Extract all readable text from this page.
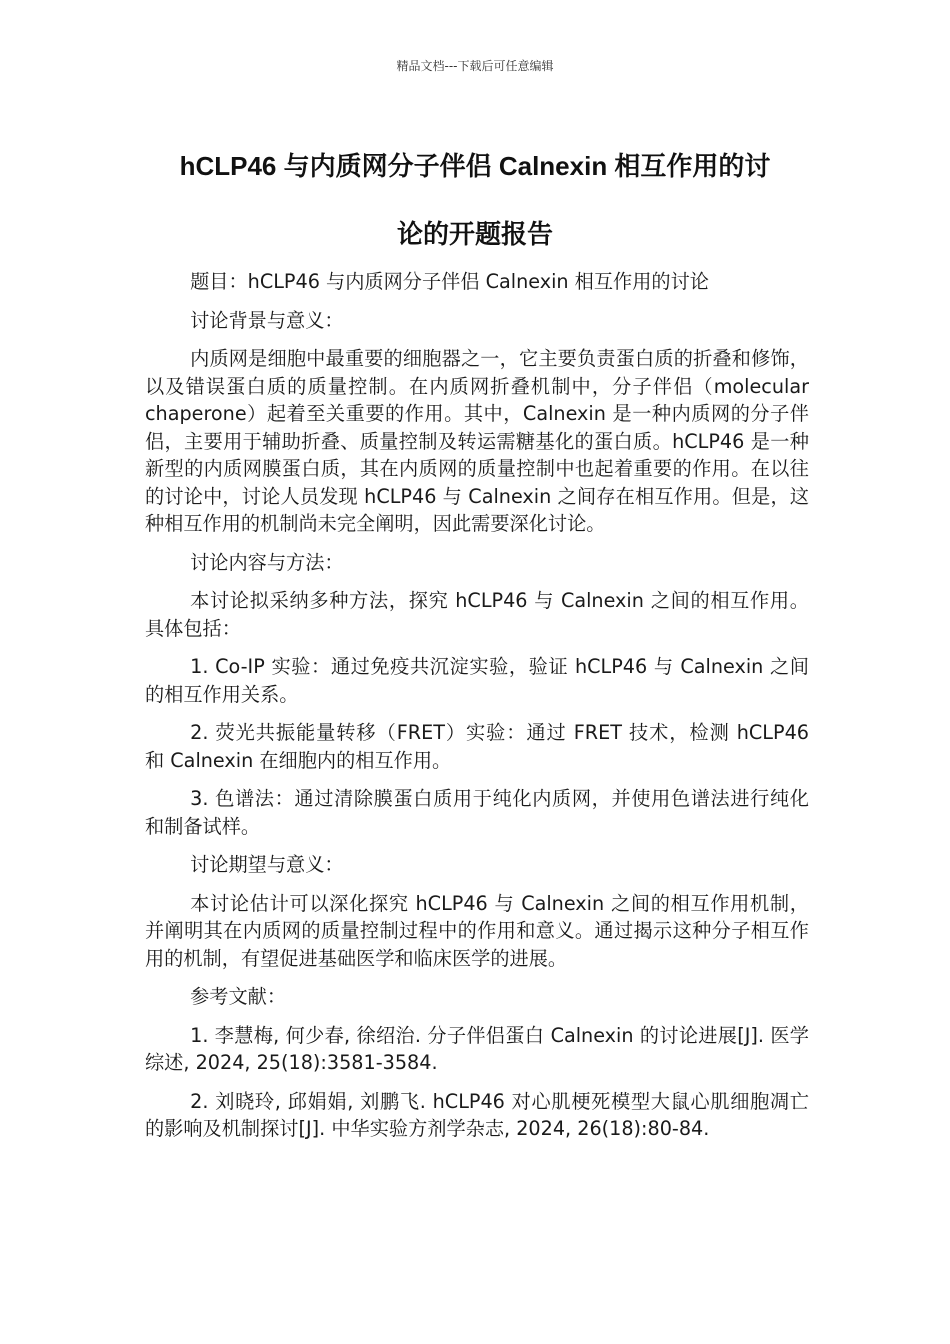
精品文档---下载后可任意编辑
hCLP46 与内质网分子伴侣 Calnexin 相互作用的讨
论的开题报告

题目：hCLP46 与内质网分子伴侣 Calnexin 相互作用的讨论

讨论背景与意义：

内质网是细胞中最重要的细胞器之一，它主要负责蛋白质的折叠和修饰，以及错误蛋白质的质量控制。在内质网折叠机制中，分子伴侣（molecular chaperone）起着至关重要的作用。其中，Calnexin 是一种内质网的分子伴侣，主要用于辅助折叠、质量控制及转运需糖基化的蛋白质。hCLP46 是一种新型的内质网膜蛋白质，其在内质网的质量控制中也起着重要的作用。在以往的讨论中，讨论人员发现 hCLP46 与 Calnexin 之间存在相互作用。但是，这种相互作用的机制尚未完全阐明，因此需要深化讨论。

讨论内容与方法：

本讨论拟采纳多种方法，探究 hCLP46 与 Calnexin 之间的相互作用。具体包括：

1. Co-IP 实验：通过免疫共沉淀实验，验证 hCLP46 与 Calnexin 之间的相互作用关系。

2. 荧光共振能量转移（FRET）实验：通过 FRET 技术，检测 hCLP46 和 Calnexin 在细胞内的相互作用。

3. 色谱法：通过清除膜蛋白质用于纯化内质网，并使用色谱法进行纯化和制备试样。

讨论期望与意义：

本讨论估计可以深化探究 hCLP46 与 Calnexin 之间的相互作用机制，并阐明其在内质网的质量控制过程中的作用和意义。通过揭示这种分子相互作用的机制，有望促进基础医学和临床医学的进展。

参考文献：

1. 李慧梅, 何少春, 徐绍治. 分子伴侣蛋白 Calnexin 的讨论进展[J]. 医学综述, 2024, 25(18):3581-3584.

2. 刘晓玲, 邱娟娟, 刘鹏飞. hCLP46 对心肌梗死模型大鼠心肌细胞凋亡的影响及机制探讨[J]. 中华实验方剂学杂志, 2024, 26(18):80-84.
